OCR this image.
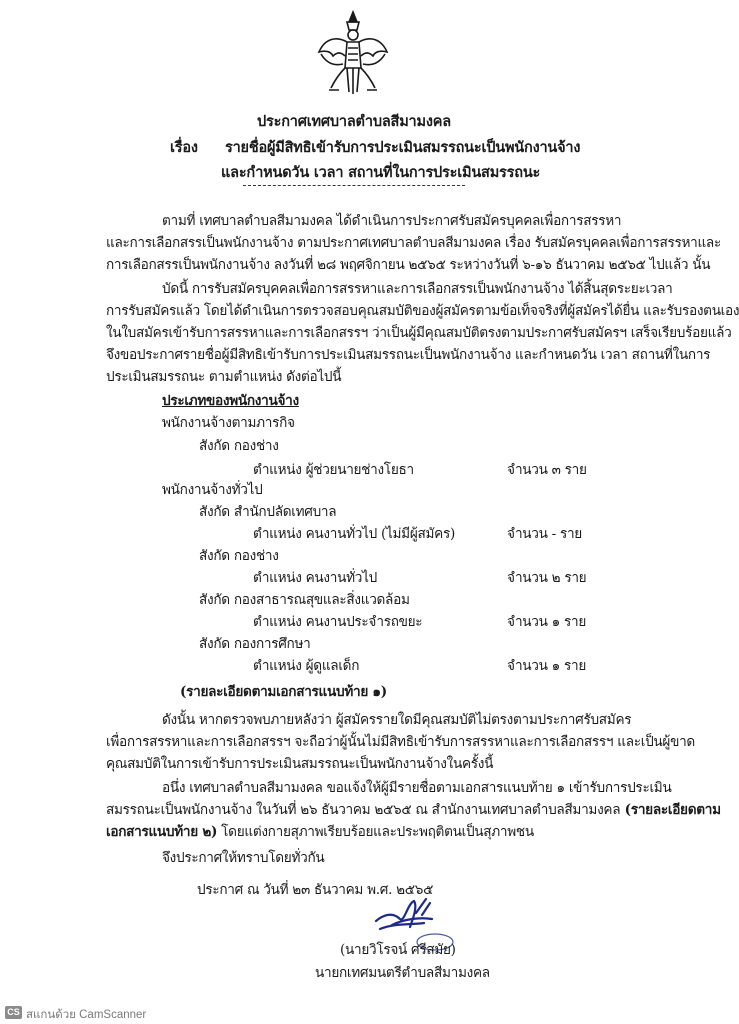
ประกาศเทศบาลตำบลสีมามงคล
เรื่อง รายชื่อผู้มีสิทธิเข้ารับการประเมินสมรรถนะเป็นพนักงานจ้าง
และกำหนดวัน เวลา สถานที่ในการประเมินสมรรถนะ
ตามที่ เทศบาลตำบลสีมามงคล ได้ดำเนินการประกาศรับสมัครบุคคลเพื่อการสรรหา
และการเลือกสรรเป็นพนักงานจ้าง ตามประกาศเทศบาลตำบลสีมามงคล เรื่อง รับสมัครบุคคลเพื่อการสรรหาและ
การเลือกสรรเป็นพนักงานจ้าง ลงวันที่ ๒๘ พฤศจิกายน ๒๕๖๕ ระหว่างวันที่ ๖-๑๖ ธันวาคม ๒๕๖๕ ไปแล้ว นั้น
บัดนี้ การรับสมัครบุคคลเพื่อการสรรหาและการเลือกสรรเป็นพนักงานจ้าง ได้สิ้นสุดระยะเวลา
การรับสมัครแล้ว โดยได้ดำเนินการตรวจสอบคุณสมบัติของผู้สมัครตามข้อเท็จจริงที่ผู้สมัครได้ยื่น และรับรองตนเอง
ในใบสมัครเข้ารับการสรรหาและการเลือกสรรฯ ว่าเป็นผู้มีคุณสมบัติตรงตามประกาศรับสมัครฯ เสร็จเรียบร้อยแล้ว
จึงขอประกาศรายชื่อผู้มีสิทธิเข้ารับการประเมินสมรรถนะเป็นพนักงานจ้าง และกำหนดวัน เวลา สถานที่ในการ
ประเมินสมรรถนะ ตามตำแหน่ง ดังต่อไปนี้
ประเภทของพนักงานจ้าง
พนักงานจ้างตามภารกิจ
สังกัด กองช่าง
ตำแหน่ง ผู้ช่วยนายช่างโยธา	จำนวน ๓ ราย
พนักงานจ้างทั่วไป
สังกัด สำนักปลัดเทศบาล
ตำแหน่ง คนงานทั่วไป (ไม่มีผู้สมัคร)	จำนวน - ราย
สังกัด กองช่าง
ตำแหน่ง คนงานทั่วไป	จำนวน ๒ ราย
สังกัด กองสาธารณสุขและสิ่งแวดล้อม
ตำแหน่ง คนงานประจำรถขยะ	จำนวน ๑ ราย
สังกัด กองการศึกษา
ตำแหน่ง ผู้ดูแลเด็ก	จำนวน ๑ ราย
(รายละเอียดตามเอกสารแนบท้าย ๑)
ดังนั้น หากตรวจพบภายหลังว่า ผู้สมัครรายใดมีคุณสมบัติไม่ตรงตามประกาศรับสมัคร
เพื่อการสรรหาและการเลือกสรรฯ จะถือว่าผู้นั้นไม่มีสิทธิเข้ารับการสรรหาและการเลือกสรรฯ และเป็นผู้ขาด
คุณสมบัติในการเข้ารับการประเมินสมรรถนะเป็นพนักงานจ้างในครั้งนี้
อนึ่ง เทศบาลตำบลสีมามงคล ขอแจ้งให้ผู้มีรายชื่อตามเอกสารแนบท้าย ๑ เข้ารับการประเมิน
สมรรถนะเป็นพนักงานจ้าง ในวันที่ ๒๖ ธันวาคม ๒๕๖๕ ณ สำนักงานเทศบาลตำบลสีมามงคล (รายละเอียดตาม
เอกสารแนบท้าย ๒) โดยแต่งกายสุภาพเรียบร้อยและประพฤติตนเป็นสุภาพชน
จึงประกาศให้ทราบโดยทั่วกัน
ประกาศ ณ วันที่ ๒๓ ธันวาคม พ.ศ. ๒๕๖๕
(นายวิโรจน์ ศรีสมัย)
นายกเทศมนตรีตำบลสีมามงคล
CS สแกนด้วย CamScanner
